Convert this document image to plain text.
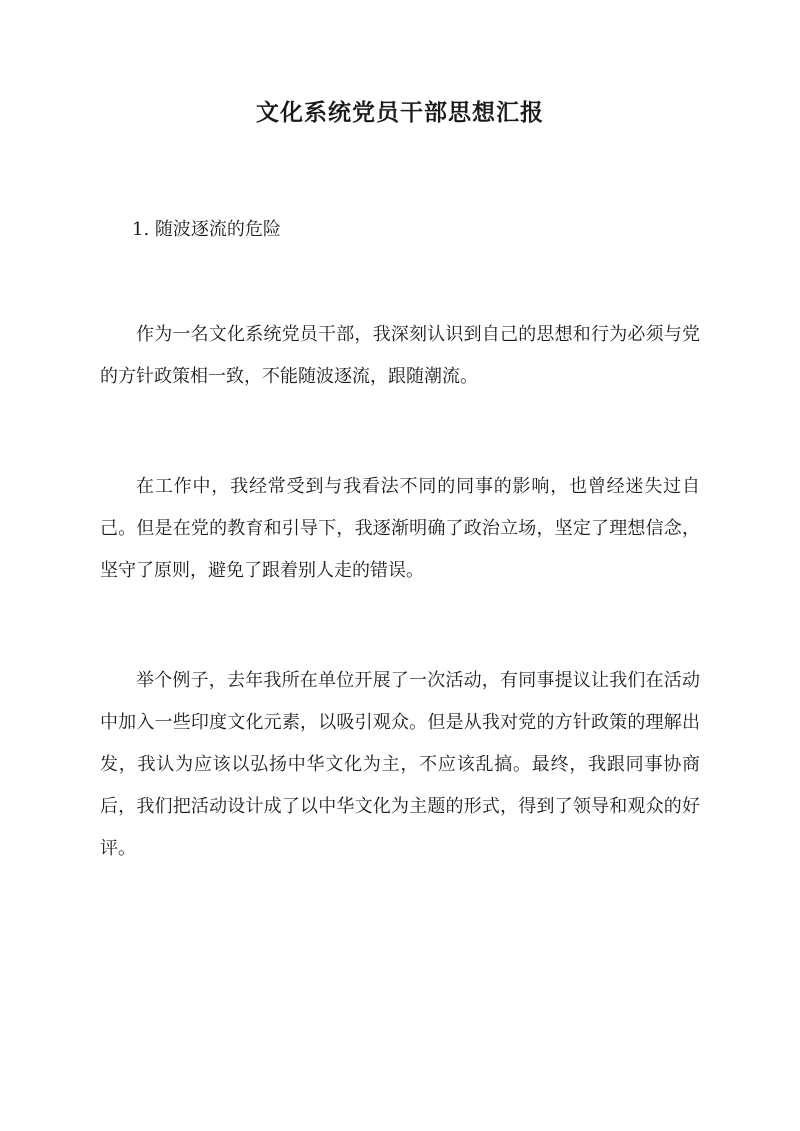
文化系统党员干部思想汇报

1. 随波逐流的危险

作为一名文化系统党员干部，我深刻认识到自己的思想和行为必须与党的方针政策相一致，不能随波逐流，跟随潮流。

在工作中，我经常受到与我看法不同的同事的影响，也曾经迷失过自己。但是在党的教育和引导下，我逐渐明确了政治立场，坚定了理想信念，坚守了原则，避免了跟着别人走的错误。

举个例子，去年我所在单位开展了一次活动，有同事提议让我们在活动中加入一些印度文化元素，以吸引观众。但是从我对党的方针政策的理解出发，我认为应该以弘扬中华文化为主，不应该乱搞。最终，我跟同事协商后，我们把活动设计成了以中华文化为主题的形式，得到了领导和观众的好评。
